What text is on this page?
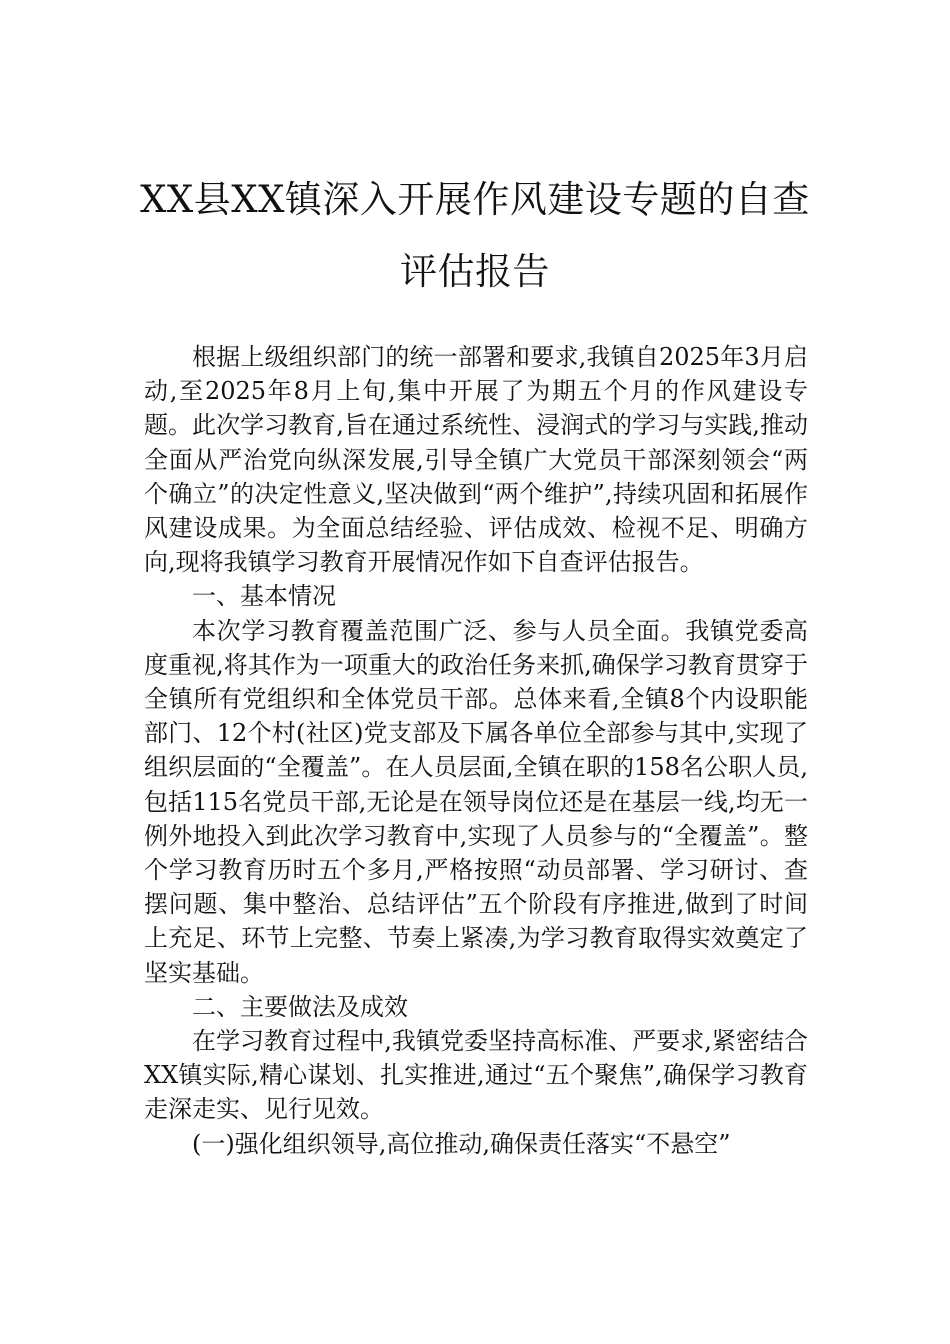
XX县XX镇深入开展作风建设专题的自查
评估报告

根据上级组织部门的统一部署和要求,我镇自2025年3月启动,至2025年8月上旬,集中开展了为期五个月的作风建设专题。此次学习教育,旨在通过系统性、浸润式的学习与实践,推动全面从严治党向纵深发展,引导全镇广大党员干部深刻领会“两个确立”的决定性意义,坚决做到“两个维护”,持续巩固和拓展作风建设成果。为全面总结经验、评估成效、检视不足、明确方向,现将我镇学习教育开展情况作如下自查评估报告。

一、基本情况

本次学习教育覆盖范围广泛、参与人员全面。我镇党委高度重视,将其作为一项重大的政治任务来抓,确保学习教育贯穿于全镇所有党组织和全体党员干部。总体来看,全镇8个内设职能部门、12个村(社区)党支部及下属各单位全部参与其中,实现了组织层面的“全覆盖”。在人员层面,全镇在职的158名公职人员,包括115名党员干部,无论是在领导岗位还是在基层一线,均无一例外地投入到此次学习教育中,实现了人员参与的“全覆盖”。整个学习教育历时五个多月,严格按照“动员部署、学习研讨、查摆问题、集中整治、总结评估”五个阶段有序推进,做到了时间上充足、环节上完整、节奏上紧凑,为学习教育取得实效奠定了坚实基础。

二、主要做法及成效

在学习教育过程中,我镇党委坚持高标准、严要求,紧密结合XX镇实际,精心谋划、扎实推进,通过“五个聚焦”,确保学习教育走深走实、见行见效。

(一)强化组织领导,高位推动,确保责任落实“不悬空”
